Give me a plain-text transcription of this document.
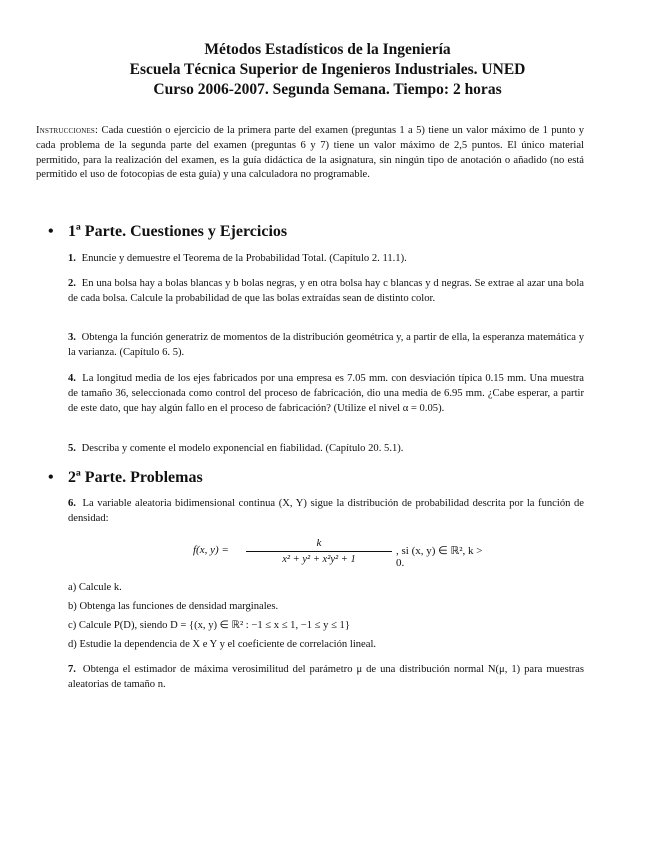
Métodos Estadísticos de la Ingeniería
Escuela Técnica Superior de Ingenieros Industriales. UNED
Curso 2006-2007. Segunda Semana. Tiempo: 2 horas
Instrucciones: Cada cuestión o ejercicio de la primera parte del examen (preguntas 1 a 5) tiene un valor máximo de 1 punto y cada problema de la segunda parte del examen (preguntas 6 y 7) tiene un valor máximo de 2,5 puntos. El único material permitido, para la realización del examen, es la guía didáctica de la asignatura, sin ningún tipo de anotación o añadido (no está permitido el uso de fotocopias de esta guía) y una calculadora no programable.
• 1ª Parte. Cuestiones y Ejercicios
1. Enuncie y demuestre el Teorema de la Probabilidad Total. (Capítulo 2. 11.1).
2. En una bolsa hay a bolas blancas y b bolas negras, y en otra bolsa hay c blancas y d negras. Se extrae al azar una bola de cada bolsa. Calcule la probabilidad de que las bolas extraídas sean de distinto color.
3. Obtenga la función generatriz de momentos de la distribución geométrica y, a partir de ella, la esperanza matemática y la varianza. (Capítulo 6. 5).
4. La longitud media de los ejes fabricados por una empresa es 7.05 mm. con desviación típica 0.15 mm. Una muestra de tamaño 36, seleccionada como control del proceso de fabricación, dio una media de 6.95 mm. ¿Cabe esperar, a partir de este dato, que hay algún fallo en el proceso de fabricación? (Utilize el nivel α = 0.05).
5. Describa y comente el modelo exponencial en fiabilidad. (Capítulo 20. 5.1).
• 2ª Parte. Problemas
6. La variable aleatoria bidimensional continua (X, Y) sigue la distribución de probabilidad descrita por la función de densidad:
f(x, y) =
k
x² + y² + x²y² + 1
, si (x, y) ∈ ℝ², k > 0.
a) Calcule k.
b) Obtenga las funciones de densidad marginales.
c) Calcule P(D), siendo D = {(x, y) ∈ ℝ² : −1 ≤ x ≤ 1, −1 ≤ y ≤ 1}
d) Estudie la dependencia de X e Y y el coeficiente de correlación lineal.
7. Obtenga el estimador de máxima verosimilitud del parámetro μ de una distribución normal N(μ, 1) para muestras aleatorias de tamaño n.
